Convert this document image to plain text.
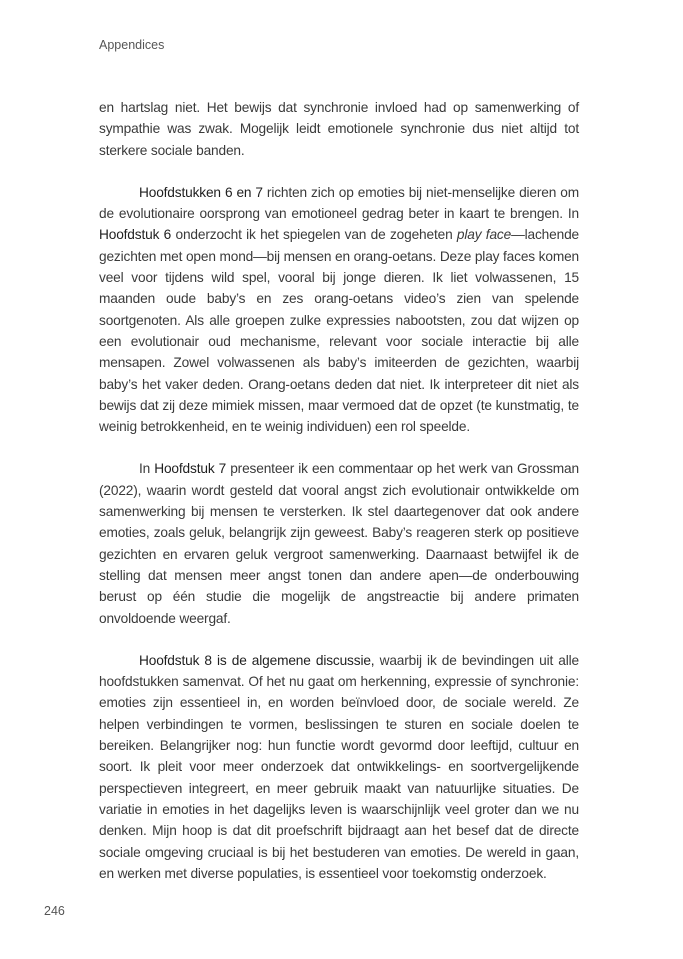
Appendices

en hartslag niet. Het bewijs dat synchronie invloed had op samenwerking of sympathie was zwak. Mogelijk leidt emotionele synchronie dus niet altijd tot sterkere sociale banden.

Hoofdstukken 6 en 7 richten zich op emoties bij niet-menselijke dieren om de evolutionaire oorsprong van emotioneel gedrag beter in kaart te brengen. In Hoofdstuk 6 onderzocht ik het spiegelen van de zogeheten play face—lachende gezichten met open mond—bij mensen en orang-oetans. Deze play faces komen veel voor tijdens wild spel, vooral bij jonge dieren. Ik liet volwassenen, 15 maanden oude baby’s en zes orang-oetans video’s zien van spelende soortgenoten. Als alle groepen zulke expressies nabootsten, zou dat wijzen op een evolutionair oud mechanisme, relevant voor sociale interactie bij alle mensapen. Zowel volwassenen als baby’s imiteerden de gezichten, waarbij baby’s het vaker deden. Orang-oetans deden dat niet. Ik interpreteer dit niet als bewijs dat zij deze mimiek missen, maar vermoed dat de opzet (te kunstmatig, te weinig betrokkenheid, en te weinig individuen) een rol speelde.

In Hoofdstuk 7 presenteer ik een commentaar op het werk van Grossman (2022), waarin wordt gesteld dat vooral angst zich evolutionair ontwikkelde om samenwerking bij mensen te versterken. Ik stel daartegenover dat ook andere emoties, zoals geluk, belangrijk zijn geweest. Baby’s reageren sterk op positieve gezichten en ervaren geluk vergroot samenwerking. Daarnaast betwijfel ik de stelling dat mensen meer angst tonen dan andere apen—de onderbouwing berust op één studie die mogelijk de angstreactie bij andere primaten onvoldoende weergaf.

Hoofdstuk 8 is de algemene discussie, waarbij ik de bevindingen uit alle hoofdstukken samenvat. Of het nu gaat om herkenning, expressie of synchronie: emoties zijn essentieel in, en worden beïnvloed door, de sociale wereld. Ze helpen verbindingen te vormen, beslissingen te sturen en sociale doelen te bereiken. Belangrijker nog: hun functie wordt gevormd door leeftijd, cultuur en soort. Ik pleit voor meer onderzoek dat ontwikkelings- en soortvergelijkende perspectieven integreert, en meer gebruik maakt van natuurlijke situaties. De variatie in emoties in het dagelijks leven is waarschijnlijk veel groter dan we nu denken. Mijn hoop is dat dit proefschrift bijdraagt aan het besef dat de directe sociale omgeving cruciaal is bij het bestuderen van emoties. De wereld in gaan, en werken met diverse populaties, is essentieel voor toekomstig onderzoek.

246
